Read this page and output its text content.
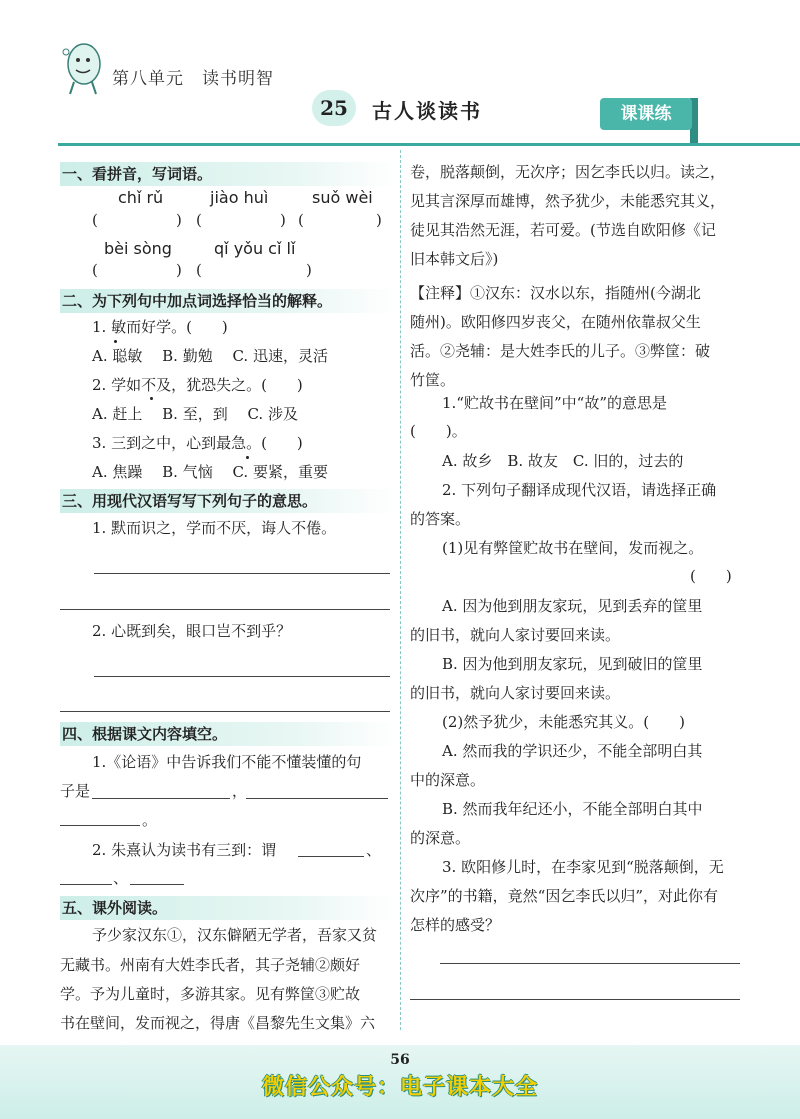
第八单元　读书明智
25	古人谈读书	课课练
一、看拼音，写词语。
chǐ rǔ	jiào huì	suǒ wèi
(	) (	) (	)
bèi sòng	qǐ yǒu cǐ lǐ
(	) (	)
二、为下列句中加点词选择恰当的解释。
1. 敏而好学。(　　)
A. 聪敏　 B. 勤勉　 C. 迅速，灵活
2. 学如不及，犹恐失之。(　　)
A. 赶上　 B. 至，到　 C. 涉及
3. 三到之中，心到最急。(　　)
A. 焦躁　 B. 气恼　 C. 要紧，重要
三、用现代汉语写写下列句子的意思。
1. 默而识之，学而不厌，诲人不倦。
2. 心既到矣，眼口岂不到乎？
四、根据课文内容填空。
1.《论语》中告诉我们不能不懂装懂的句
子是	，
。
2. 朱熹认为读书有三到：谓	、
、
五、课外阅读。
予少家汉东①，汉东僻陋无学者，吾家又贫
无藏书。州南有大姓李氏者，其子尧辅②颇好
学。予为儿童时，多游其家。见有弊筐③贮故
书在壁间，发而视之，得唐《昌黎先生文集》六
卷，脱落颠倒，无次序；因乞李氏以归。读之，
见其言深厚而雄博，然予犹少，未能悉究其义，
徒见其浩然无涯，若可爱。(节选自欧阳修《记
旧本韩文后》)
【注释】①汉东：汉水以东，指随州(今湖北
随州)。欧阳修四岁丧父，在随州依靠叔父生
活。②尧辅：是大姓李氏的儿子。③弊筐：破
竹筐。
1.“贮故书在壁间”中“故”的意思是
(　　)。
A. 故乡　B. 故友　C. 旧的，过去的
2. 下列句子翻译成现代汉语，请选择正确
的答案。
(1)见有弊筐贮故书在壁间，发而视之。
(　　)
A. 因为他到朋友家玩，见到丢弃的筐里
的旧书，就向人家讨要回来读。
B. 因为他到朋友家玩，见到破旧的筐里
的旧书，就向人家讨要回来读。
(2)然予犹少，未能悉究其义。(　　)
A. 然而我的学识还少，不能全部明白其
中的深意。
B. 然而我年纪还小，不能全部明白其中
的深意。
3. 欧阳修儿时，在李家见到“脱落颠倒，无
次序”的书籍，竟然“因乞李氏以归”，对此你有
怎样的感受？
56
微信公众号：电子课本大全
